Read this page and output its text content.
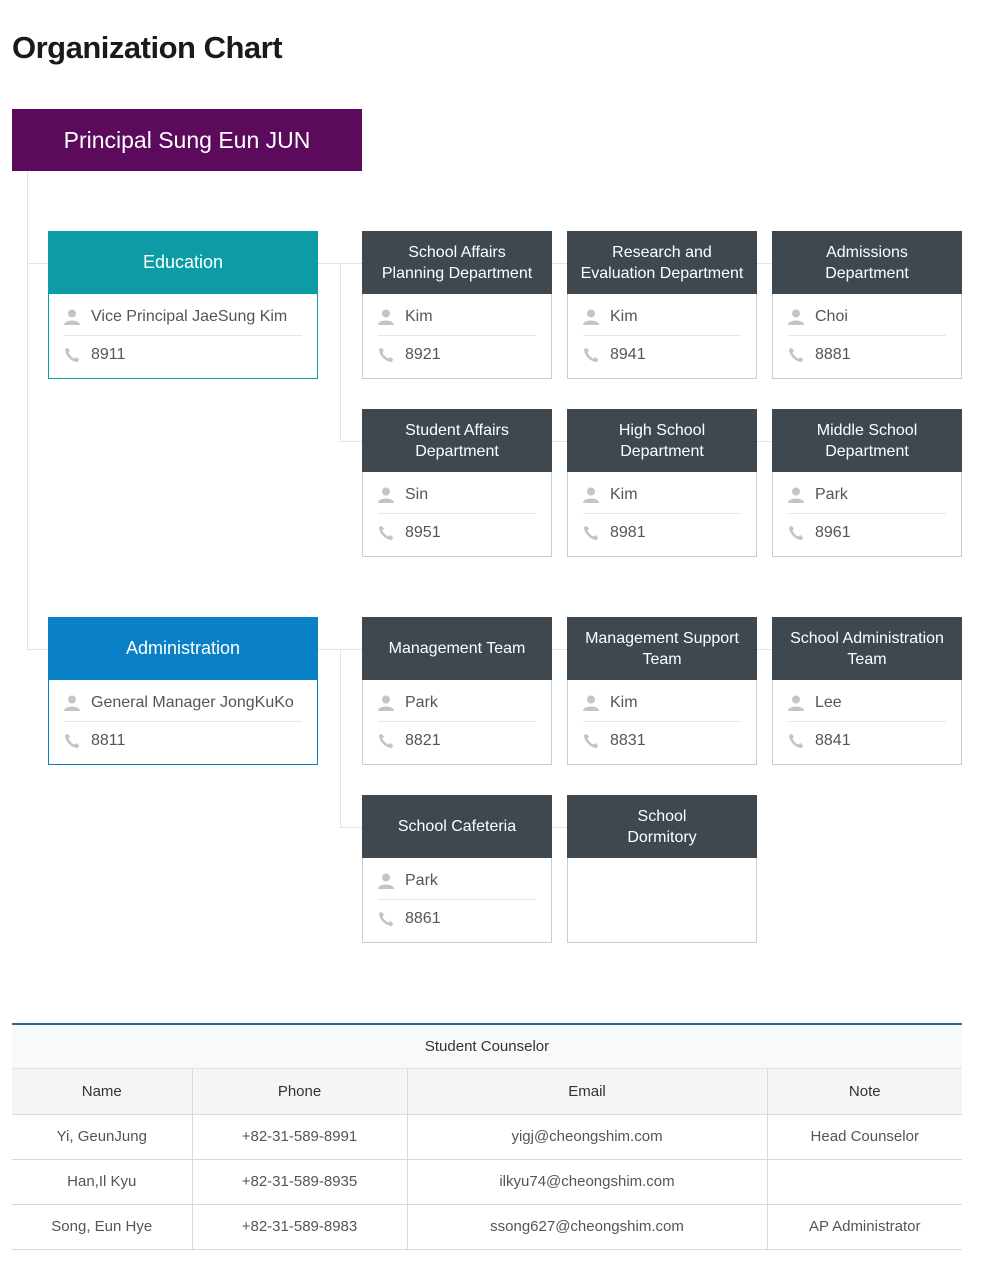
Organization Chart
Principal Sung Eun JUN
Education
Vice Principal JaeSung Kim
8911
Administration
General Manager JongKuKo
8811
School Affairs
Planning Department
Kim
8921
Research and
Evaluation Department
Kim
8941
Admissions
Department
Choi
8881
Student Affairs
Department
Sin
8951
High School
Department
Kim
8981
Middle School
Department
Park
8961
Management Team
Park
8821
Management Support
Team
Kim
8831
School Administration
Team
Lee
8841
School Cafeteria
Park
8861
School
Dormitory
Student Counselor
Name	Phone	Email	Note
Yi, GeunJung	+82-31-589-8991	yigj@cheongshim.com	Head Counselor
Han,Il Kyu	+82-31-589-8935	ilkyu74@cheongshim.com	
Song, Eun Hye	+82-31-589-8983	ssong627@cheongshim.com	AP Administrator
